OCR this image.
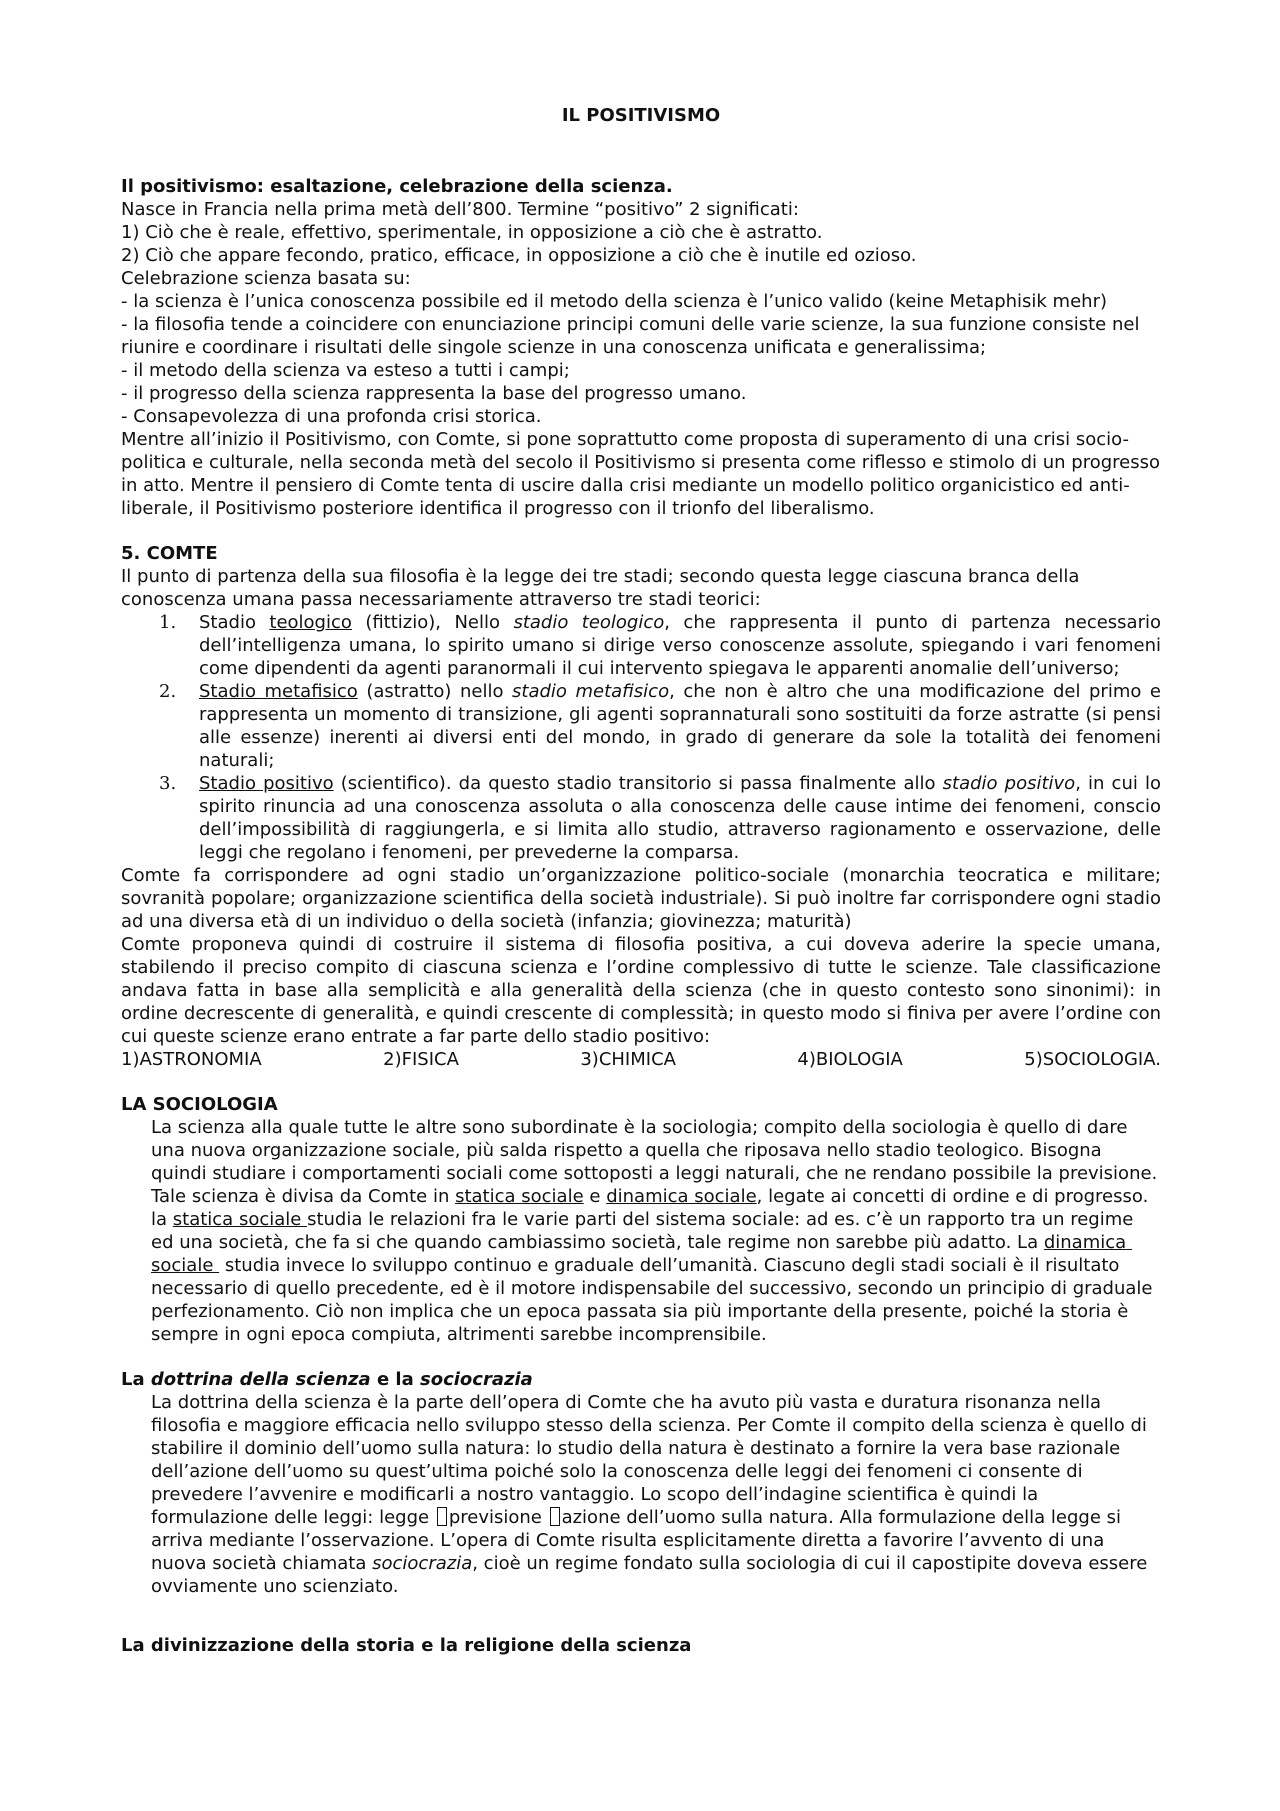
IL POSITIVISMO
Il positivismo: esaltazione, celebrazione della scienza.
Nasce in Francia nella prima metà dell’800. Termine “positivo” 2 significati:
1) Ciò che è reale, effettivo, sperimentale, in opposizione a ciò che è astratto.
2) Ciò che appare fecondo, pratico, efficace, in opposizione a ciò che è inutile ed ozioso.
Celebrazione scienza basata su:
- la scienza è l’unica conoscenza possibile ed il metodo della scienza è l’unico valido (keine Metaphisik mehr)
- la filosofia tende a coincidere con enunciazione principi comuni delle varie scienze, la sua funzione consiste nel riunire e coordinare i risultati delle singole scienze in una conoscenza unificata e generalissima;
- il metodo della scienza va esteso a tutti i campi;
- il progresso della scienza rappresenta la base del progresso umano.
- Consapevolezza di una profonda crisi storica.
Mentre all’inizio il Positivismo, con Comte, si pone soprattutto come proposta di superamento di una crisi socio-politica e culturale, nella seconda metà del secolo il Positivismo si presenta come riflesso e stimolo di un progresso in atto. Mentre il pensiero di Comte tenta di uscire dalla crisi mediante un modello politico organicistico ed anti-liberale, il Positivismo posteriore identifica il progresso con il trionfo del liberalismo.
5. COMTE
Il punto di partenza della sua filosofia è la legge dei tre stadi; secondo questa legge ciascuna branca della conoscenza umana passa necessariamente attraverso tre stadi teorici:
1. Stadio teologico (fittizio), Nello stadio teologico, che rappresenta il punto di partenza necessario dell’intelligenza umana, lo spirito umano si dirige verso conoscenze assolute, spiegando i vari fenomeni come dipendenti da agenti paranormali il cui intervento spiegava le apparenti anomalie dell’universo;
2. Stadio metafisico (astratto) nello stadio metafisico, che non è altro che una modificazione del primo e rappresenta un momento di transizione, gli agenti soprannaturali sono sostituiti da forze astratte (si pensi alle essenze) inerenti ai diversi enti del mondo, in grado di generare da sole la totalità dei fenomeni naturali;
3. Stadio positivo (scientifico). da questo stadio transitorio si passa finalmente allo stadio positivo, in cui lo spirito rinuncia ad una conoscenza assoluta o alla conoscenza delle cause intime dei fenomeni, conscio dell’impossibilità di raggiungerla, e si limita allo studio, attraverso ragionamento e osservazione, delle leggi che regolano i fenomeni, per prevederne la comparsa.
Comte fa corrispondere ad ogni stadio un’organizzazione politico-sociale (monarchia teocratica e militare; sovranità popolare; organizzazione scientifica della società industriale). Si può inoltre far corrispondere ogni stadio ad una diversa età di un individuo o della società (infanzia; giovinezza; maturità)
Comte proponeva quindi di costruire il sistema di filosofia positiva, a cui doveva aderire la specie umana, stabilendo il preciso compito di ciascuna scienza e l’ordine complessivo di tutte le scienze. Tale classificazione andava fatta in base alla semplicità e alla generalità della scienza (che in questo contesto sono sinonimi): in ordine decrescente di generalità, e quindi crescente di complessità; in questo modo si finiva per avere l’ordine con cui queste scienze erano entrate a far parte dello stadio positivo:
1)ASTRONOMIA	2)FISICA	3)CHIMICA	4)BIOLOGIA	5)SOCIOLOGIA.
LA SOCIOLOGIA
La scienza alla quale tutte le altre sono subordinate è la sociologia; compito della sociologia è quello di dare una nuova organizzazione sociale, più salda rispetto a quella che riposava nello stadio teologico. Bisogna quindi studiare i comportamenti sociali come sottoposti a leggi naturali, che ne rendano possibile la previsione.
Tale scienza è divisa da Comte in statica sociale e dinamica sociale, legate ai concetti di ordine e di progresso. la statica sociale studia le relazioni fra le varie parti del sistema sociale: ad es. c’è un rapporto tra un regime ed una società, che fa si che quando cambiassimo società, tale regime non sarebbe più adatto. La dinamica sociale  studia invece lo sviluppo continuo e graduale dell’umanità. Ciascuno degli stadi sociali è il risultato necessario di quello precedente, ed è il motore indispensabile del successivo, secondo un principio di graduale perfezionamento. Ciò non implica che un epoca passata sia più importante della presente, poiché la storia è sempre in ogni epoca compiuta, altrimenti sarebbe incomprensibile.
La dottrina della scienza e la sociocrazia
La dottrina della scienza è la parte dell’opera di Comte che ha avuto più vasta e duratura risonanza nella filosofia e maggiore efficacia nello sviluppo stesso della scienza. Per Comte il compito della scienza è quello di stabilire il dominio dell’uomo sulla natura: lo studio della natura è destinato a fornire la vera base razionale dell’azione dell’uomo su quest’ultima poiché solo la conoscenza delle leggi dei fenomeni ci consente di prevedere l’avvenire e modificarli a nostro vantaggio. Lo scopo dell’indagine scientifica è quindi la formulazione delle leggi: legge previsione azione dell’uomo sulla natura. Alla formulazione della legge si arriva mediante l’osservazione. L’opera di Comte risulta esplicitamente diretta a favorire l’avvento di una nuova società chiamata sociocrazia, cioè un regime fondato sulla sociologia di cui il capostipite doveva essere ovviamente uno scienziato.
La divinizzazione della storia e la religione della scienza
